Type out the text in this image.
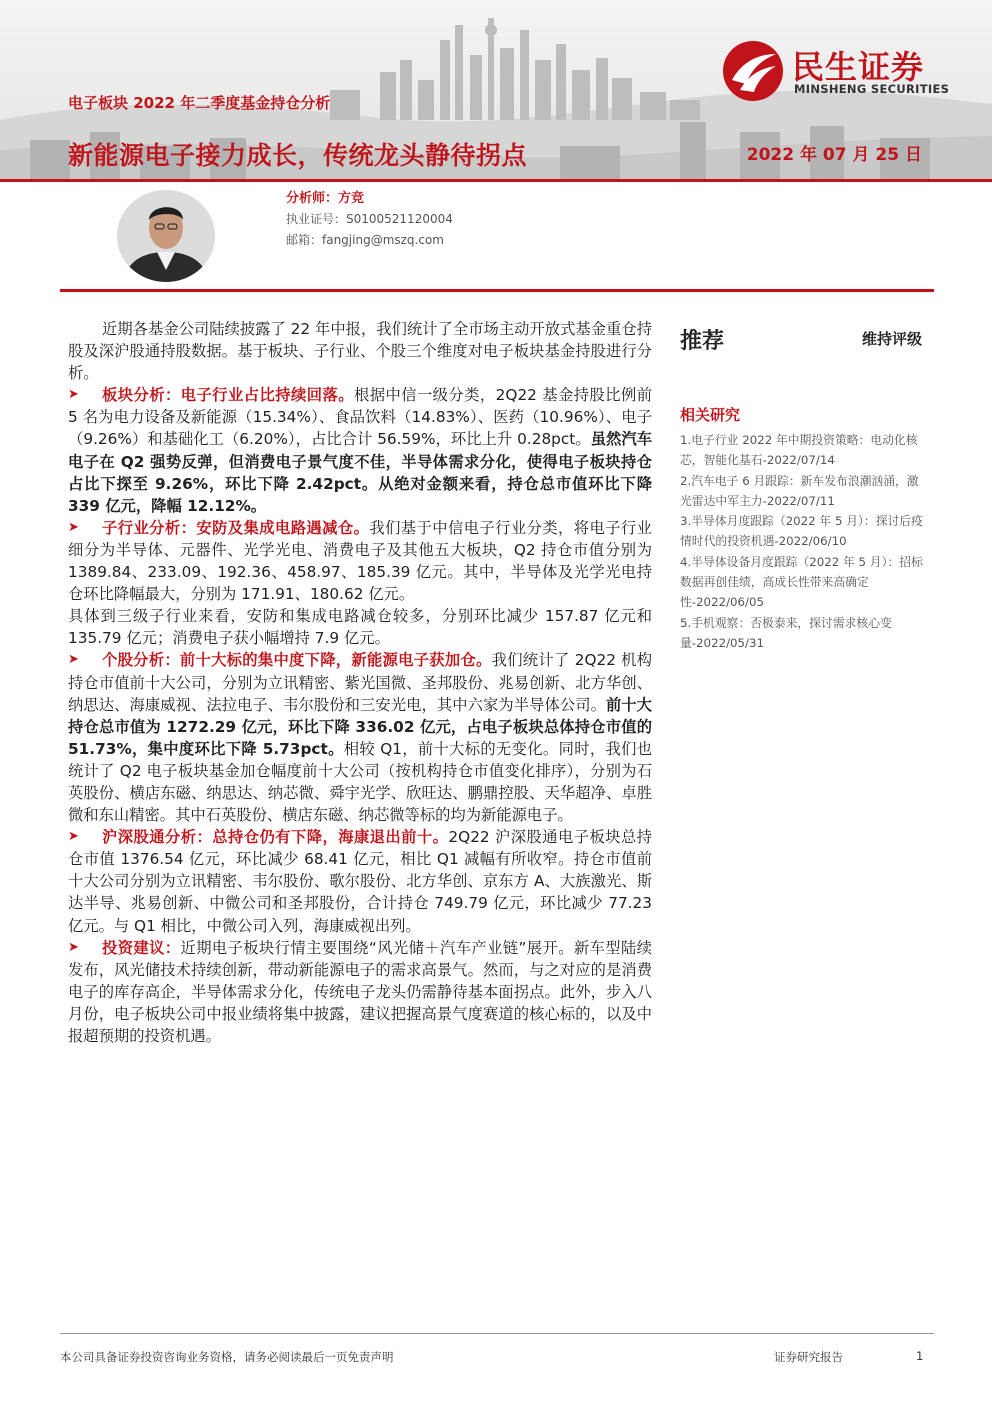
电子板块 2022 年二季度基金持仓分析
新能源电子接力成长，传统龙头静待拐点	2022 年 07 月 25 日
民生证券
MINSHENG SECURITIES
分析师：方竞
执业证号：S0100521120004
邮箱：fangjing@mszq.com

近期各基金公司陆续披露了 22 年中报，我们统计了全市场主动开放式基金重仓持股及深沪股通持股数据。基于板块、子行业、个股三个维度对电子板块基金持股进行分析。

➤	板块分析：电子行业占比持续回落。根据中信一级分类，2Q22 基金持股比例前 5 名为电力设备及新能源（15.34%）、食品饮料（14.83%）、医药（10.96%）、电子（9.26%）和基础化工（6.20%），占比合计 56.59%，环比上升 0.28pct。虽然汽车电子在 Q2 强势反弹，但消费电子景气度不佳，半导体需求分化，使得电子板块持仓占比下探至 9.26%，环比下降 2.42pct。从绝对金额来看，持仓总市值环比下降 339 亿元，降幅 12.12%。

➤	子行业分析：安防及集成电路遇减仓。我们基于中信电子行业分类，将电子行业细分为半导体、元器件、光学光电、消费电子及其他五大板块，Q2 持仓市值分别为 1389.84、233.09、192.36、458.97、185.39 亿元。其中，半导体及光学光电持仓环比降幅最大，分别为 171.91、180.62 亿元。

具体到三级子行业来看，安防和集成电路减仓较多，分别环比减少 157.87 亿元和 135.79 亿元；消费电子获小幅增持 7.9 亿元。

➤	个股分析：前十大标的集中度下降，新能源电子获加仓。我们统计了 2Q22 机构持仓市值前十大公司，分别为立讯精密、紫光国微、圣邦股份、兆易创新、北方华创、纳思达、海康威视、法拉电子、韦尔股份和三安光电，其中六家为半导体公司。前十大持仓总市值为 1272.29 亿元，环比下降 336.02 亿元，占电子板块总体持仓市值的 51.73%，集中度环比下降 5.73pct。相较 Q1，前十大标的无变化。同时，我们也统计了 Q2 电子板块基金加仓幅度前十大公司（按机构持仓市值变化排序），分别为石英股份、横店东磁、纳思达、纳芯微、舜宇光学、欣旺达、鹏鼎控股、天华超净、卓胜微和东山精密。其中石英股份、横店东磁、纳芯微等标的均为新能源电子。

➤	沪深股通分析：总持仓仍有下降，海康退出前十。2Q22 沪深股通电子板块总持仓市值 1376.54 亿元，环比减少 68.41 亿元，相比 Q1 减幅有所收窄。持仓市值前十大公司分别为立讯精密、韦尔股份、歌尔股份、北方华创、京东方 A、大族激光、斯达半导、兆易创新、中微公司和圣邦股份，合计持仓 749.79 亿元，环比减少 77.23 亿元。与 Q1 相比，中微公司入列，海康威视出列。

➤	投资建议：近期电子板块行情主要围绕“风光储＋汽车产业链”展开。新车型陆续发布，风光储技术持续创新，带动新能源电子的需求高景气。然而，与之对应的是消费电子的库存高企，半导体需求分化，传统电子龙头仍需静待基本面拐点。此外，步入八月份，电子板块公司中报业绩将集中披露，建议把握高景气度赛道的核心标的，以及中报超预期的投资机遇。

推荐	维持评级
相关研究
1.电子行业 2022 年中期投资策略：电动化核芯，智能化基石-2022/07/14
2.汽车电子 6 月跟踪：新车发布浪潮汹涌，激光雷达中军主力-2022/07/11
3.半导体月度跟踪（2022 年 5 月）：探讨后疫情时代的投资机遇-2022/06/10
4.半导体设备月度跟踪（2022 年 5 月）：招标数据再创佳绩，高成长性带来高确定性-2022/06/05
5.手机观察：否极泰来，探讨需求核心变量-2022/05/31
本公司具备证券投资咨询业务资格，请务必阅读最后一页免责声明	证券研究报告	1
